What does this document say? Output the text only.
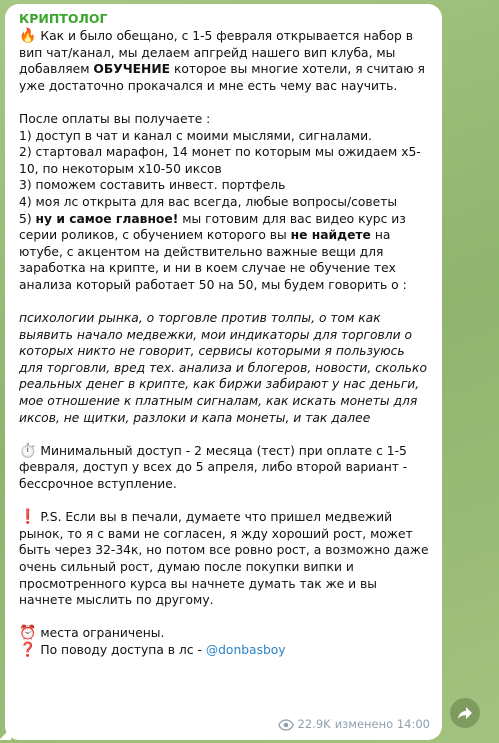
КРИПТОЛОГ

🔥 Как и было обещано, с 1-5 февраля открывается набор в вип чат/канал, мы делаем апгрейд нашего вип клуба, мы добавляем ОБУЧЕНИЕ которое вы многие хотели, я считаю я уже достаточно прокачался и мне есть чему вас научить.

После оплаты вы получаете :

1) доступ в чат и канал с моими мыслями, сигналами.

2) стартовал марафон, 14 монет по которым мы ожидаем х5-10, по некоторым х10-50 иксов

3) поможем составить инвест. портфель

4) моя лс открыта для вас всегда, любые вопросы/советы

5) ну и самое главное! мы готовим для вас видео курс из серии роликов, с обучением которого вы не найдете на ютубе, с акцентом на действительно важные вещи для заработка на крипте, и ни в коем случае не обучение тех анализа который работает 50 на 50, мы будем говорить о :

психологии рынка, о торговле против толпы, о том как выявить начало медвежки, мои индикаторы для торговли о которых никто не говорит, сервисы которыми я пользуюсь для торговли, вред тех. анализа и блогеров, новости, сколько реальных денег в крипте, как биржи забирают у нас деньги, мое отношение к платным сигналам, как искать монеты для иксов, не щитки, разлоки и капа монеты, и так далее

⏱️ Минимальный доступ - 2 месяца (тест) при оплате с 1-5 февраля, доступ у всех до 5 апреля, либо второй вариант - бессрочное вступление.

❗ P.S. Если вы в печали, думаете что пришел медвежий рынок, то я с вами не согласен, я жду хороший рост, может быть через 32-34к, но потом все ровно рост, а возможно даже очень сильный рост, думаю после покупки випки и просмотренного курса вы начнете думать так же и вы начнете мыслить по другому.

⏰ места ограничены.

❓ По поводу доступа в лс - @donbasboy

22.9K изменено 14:00
